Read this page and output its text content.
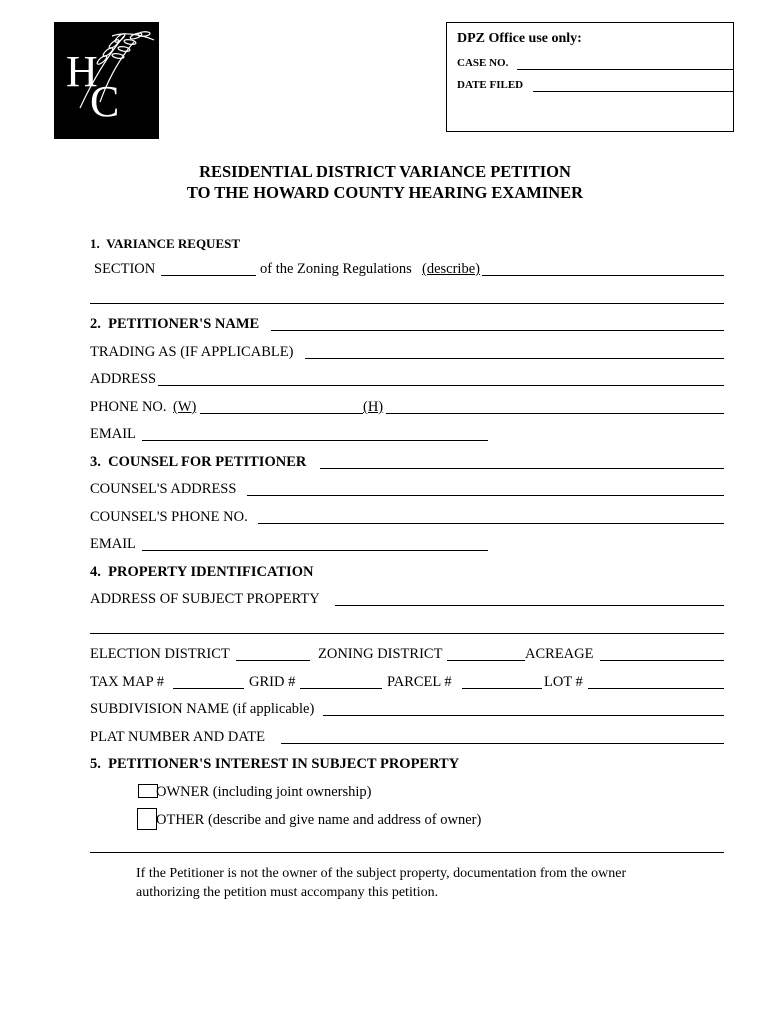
H
C
DPZ Office use only:
CASE NO.
DATE FILED
RESIDENTIAL DISTRICT VARIANCE PETITION
TO THE HOWARD COUNTY HEARING EXAMINER
1.  VARIANCE REQUEST
SECTION	of the Zoning Regulations (describe)
2.  PETITIONER'S NAME
TRADING AS (IF APPLICABLE)
ADDRESS
PHONE NO. (W)	(H)
EMAIL
3.  COUNSEL FOR PETITIONER
COUNSEL'S ADDRESS
COUNSEL'S PHONE NO.
EMAIL
4.  PROPERTY IDENTIFICATION
ADDRESS OF SUBJECT PROPERTY
ELECTION DISTRICT	ZONING DISTRICT	ACREAGE
TAX MAP #	GRID #	PARCEL #	LOT #
SUBDIVISION NAME (if applicable)
PLAT NUMBER AND DATE
5.  PETITIONER'S INTEREST IN SUBJECT PROPERTY
OWNER (including joint ownership)
OTHER (describe and give name and address of owner)
If the Petitioner is not the owner of the subject property, documentation from the owner authorizing the petition must accompany this petition.
